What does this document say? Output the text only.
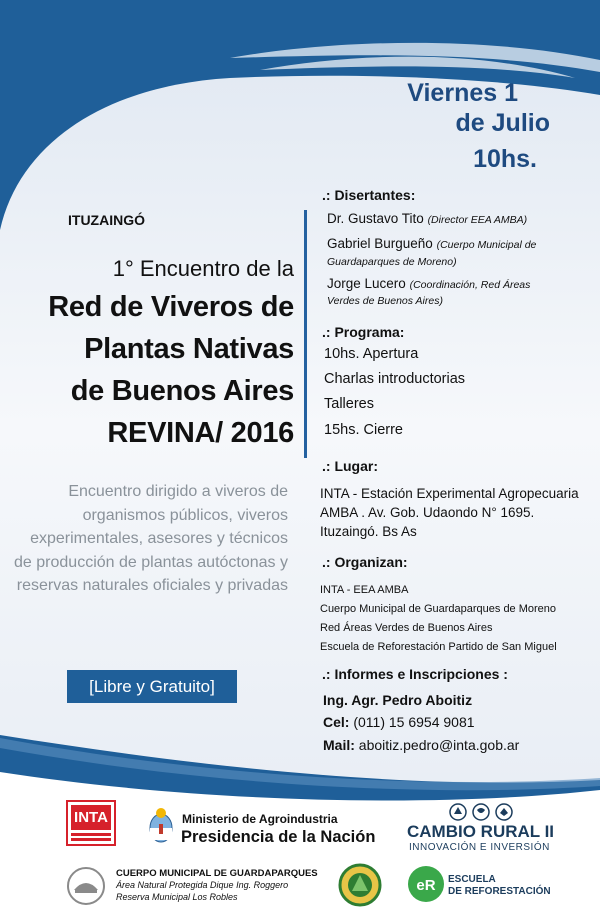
Viernes 1
de Julio
10hs.
ITUZAINGÓ
1° Encuentro de la
Red de Viveros de
Plantas Nativas
de Buenos Aires
REVINA/ 2016
Encuentro dirigido a viveros de organismos públicos, viveros experimentales, asesores y técnicos de producción de plantas autóctonas y reservas naturales oficiales y privadas
[Libre y Gratuito]
.: Disertantes:
Dr. Gustavo Tito (Director EEA AMBA)
Gabriel Burgueño (Cuerpo Municipal de
Guardaparques de Moreno)
Jorge Lucero (Coordinación, Red Áreas
Verdes de Buenos Aires)
.: Programa:
10hs. Apertura
Charlas introductorias
Talleres
15hs. Cierre
.: Lugar:
INTA - Estación Experimental Agropecuaria
AMBA . Av. Gob. Udaondo N° 1695.
Ituzaingó. Bs As
.: Organizan:
INTA - EEA AMBA
Cuerpo Municipal de Guardaparques de Moreno
Red Áreas Verdes de Buenos Aires
Escuela de Reforestación Partido de San Miguel
.: Informes e Inscripciones :
Ing. Agr. Pedro Aboitiz
Cel: (011) 15 6954 9081
Mail: aboitiz.pedro@inta.gob.ar
INTA	Ministerio de Agroindustria
Presidencia de la Nación CAMBIO RURAL II
INNOVACIÓN E INVERSIÓN
CUERPO MUNICIPAL DE GUARDAPARQUES
Área Natural Protegida Dique Ing. Roggero
Reserva Municipal Los Robles
eR ESCUELA
DE REFORESTACIÓN
